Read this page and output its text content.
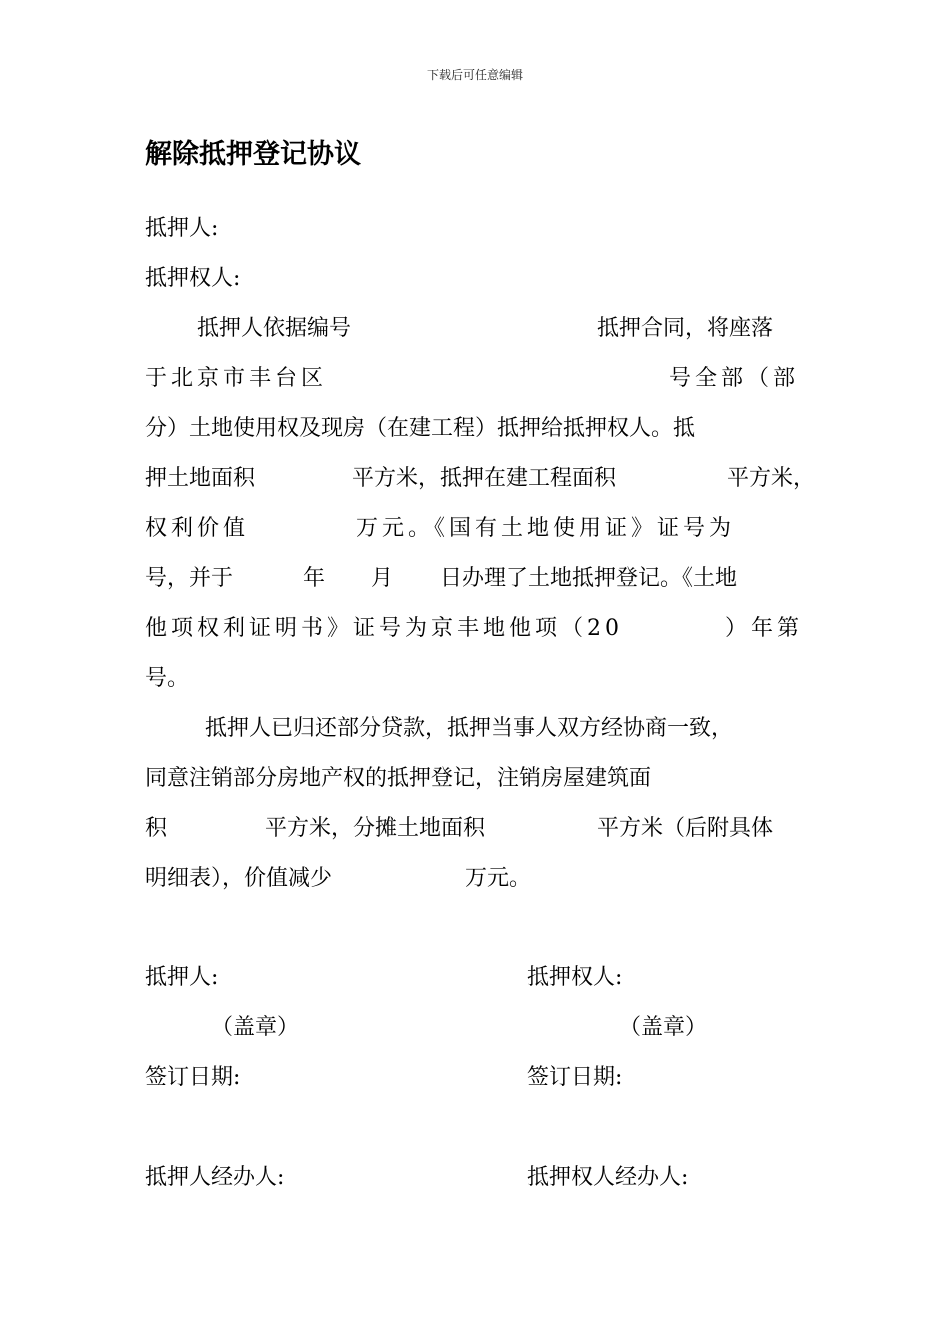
下载后可任意编辑
解除抵押登记协议
抵押人:
抵押权人:
抵押人依据编号	抵押合同，将座落
于北京市丰台区	号全部（部
分）土地使用权及现房（在建工程）抵押给抵押权人。抵
押土地面积	平方米，抵押在建工程面积	平方米，
权利价值	万元。《国有土地使用证》证号为
号，并于	年 月 日办理了土地抵押登记。《土地
他项权利证明书》证号为京丰地他项（20	）年第
号。
抵押人已归还部分贷款，抵押当事人双方经协商一致，
同意注销部分房地产权的抵押登记，注销房屋建筑面
积	平方米，分摊土地面积	平方米（后附具体
明细表），价值减少	万元。
抵押人:	抵押权人:
（盖章）	（盖章）
签订日期:	签订日期:
抵押人经办人:	抵押权人经办人:
